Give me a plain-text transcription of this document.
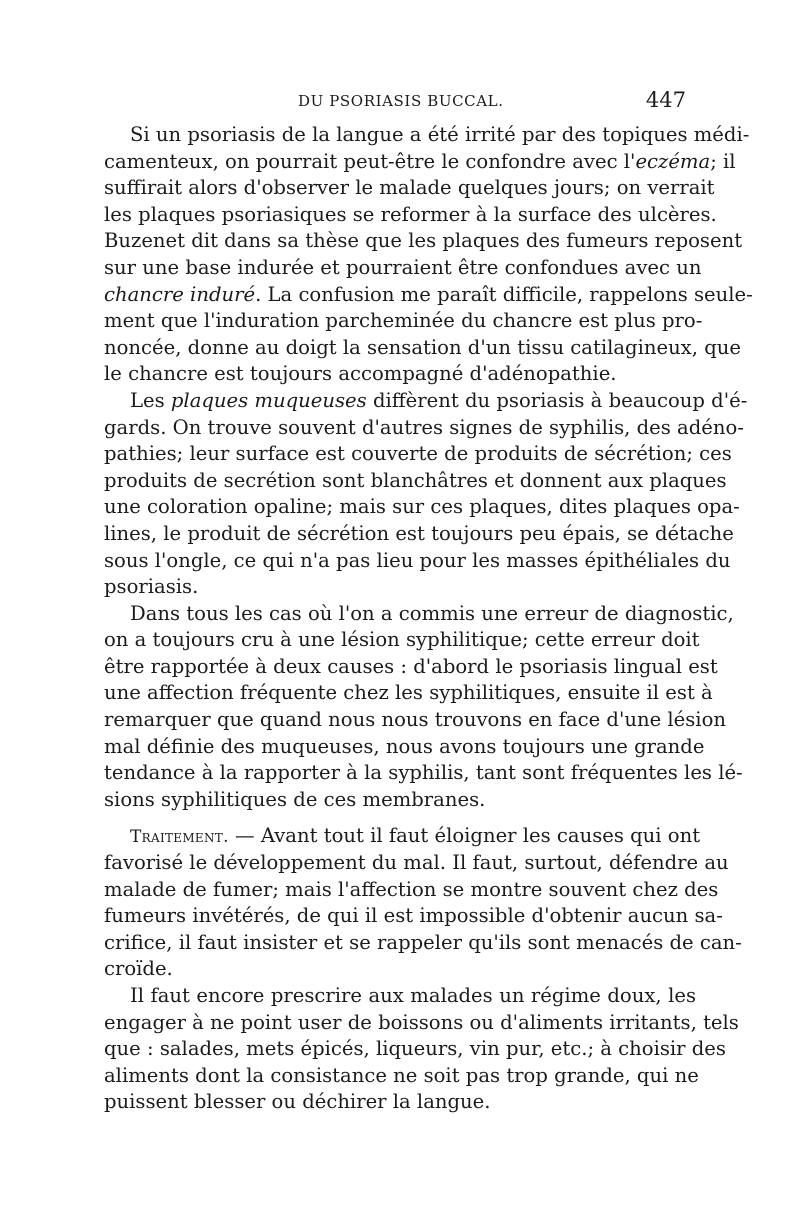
DU PSORIASIS BUCCAL.	447
Si un psoriasis de la langue a été irrité par des topiques médi-
camenteux, on pourrait peut-être le confondre avec l'eczéma; il
suffirait alors d'observer le malade quelques jours; on verrait
les plaques psoriasiques se reformer à la surface des ulcères.
Buzenet dit dans sa thèse que les plaques des fumeurs reposent
sur une base indurée et pourraient être confondues avec un
chancre induré. La confusion me paraît difficile, rappelons seule-
ment que l'induration parcheminée du chancre est plus pro-
noncée, donne au doigt la sensation d'un tissu catilagineux, que
le chancre est toujours accompagné d'adénopathie.
Les plaques muqueuses diffèrent du psoriasis à beaucoup d'é-
gards. On trouve souvent d'autres signes de syphilis, des adéno-
pathies; leur surface est couverte de produits de sécrétion; ces
produits de secrétion sont blanchâtres et donnent aux plaques
une coloration opaline; mais sur ces plaques, dites plaques opa-
lines, le produit de sécrétion est toujours peu épais, se détache
sous l'ongle, ce qui n'a pas lieu pour les masses épithéliales du
psoriasis.
Dans tous les cas où l'on a commis une erreur de diagnostic,
on a toujours cru à une lésion syphilitique; cette erreur doit
être rapportée à deux causes : d'abord le psoriasis lingual est
une affection fréquente chez les syphilitiques, ensuite il est à
remarquer que quand nous nous trouvons en face d'une lésion
mal définie des muqueuses, nous avons toujours une grande
tendance à la rapporter à la syphilis, tant sont fréquentes les lé-
sions syphilitiques de ces membranes.
Traitement. — Avant tout il faut éloigner les causes qui ont
favorisé le développement du mal. Il faut, surtout, défendre au
malade de fumer; mais l'affection se montre souvent chez des
fumeurs invétérés, de qui il est impossible d'obtenir aucun sa-
crifice, il faut insister et se rappeler qu'ils sont menacés de can-
croïde.
Il faut encore prescrire aux malades un régime doux, les
engager à ne point user de boissons ou d'aliments irritants, tels
que : salades, mets épicés, liqueurs, vin pur, etc.; à choisir des
aliments dont la consistance ne soit pas trop grande, qui ne
puissent blesser ou déchirer la langue.
